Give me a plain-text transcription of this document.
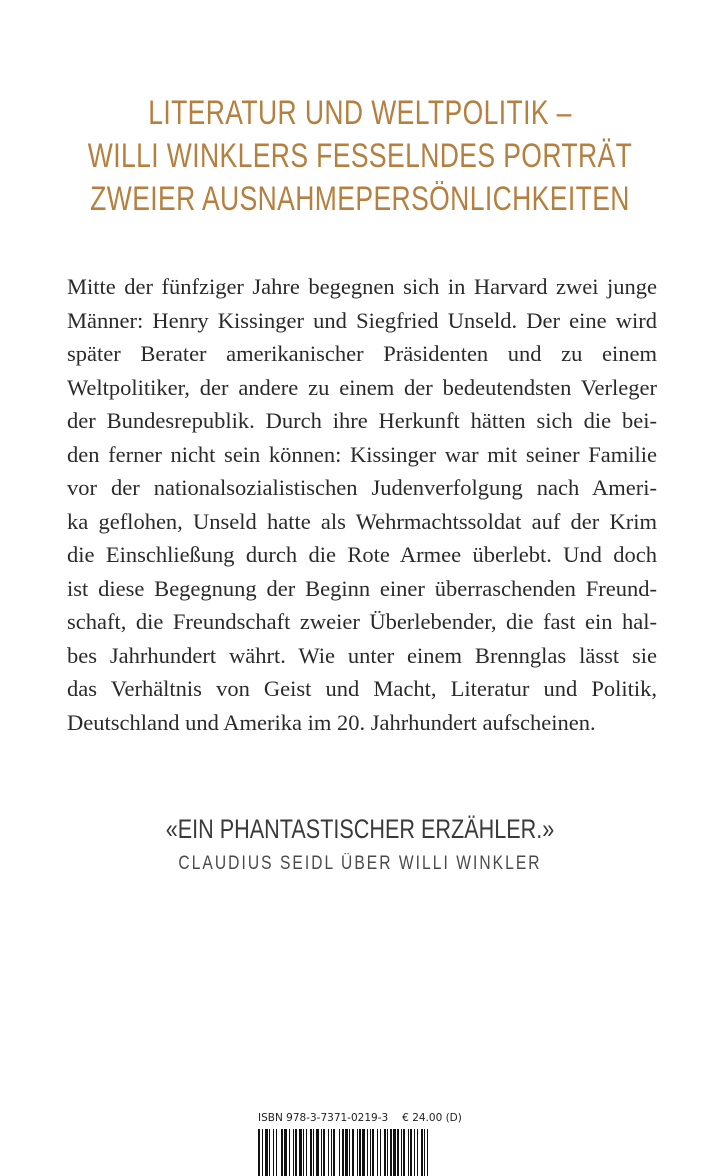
LITERATUR UND WELTPOLITIK –
WILLI WINKLERS FESSELNDES PORTRÄT
ZWEIER AUSNAHMEPERSÖNLICHKEITEN
Mitte der fünfziger Jahre begegnen sich in Harvard zwei junge
Männer: Henry Kissinger und Siegfried Unseld. Der eine wird
später Berater amerikanischer Präsidenten und zu einem
Weltpolitiker, der andere zu einem der bedeutendsten Verleger
der Bundesrepublik. Durch ihre Herkunft hätten sich die bei-
den ferner nicht sein können: Kissinger war mit seiner Familie
vor der nationalsozialistischen Judenverfolgung nach Ameri-
ka geflohen, Unseld hatte als Wehrmachtssoldat auf der Krim
die Einschließung durch die Rote Armee überlebt. Und doch
ist diese Begegnung der Beginn einer überraschenden Freund-
schaft, die Freundschaft zweier Überlebender, die fast ein hal-
bes Jahrhundert währt. Wie unter einem Brennglas lässt sie
das Verhältnis von Geist und Macht, Literatur und Politik,
Deutschland und Amerika im 20. Jahrhundert aufscheinen.
«EIN PHANTASTISCHER ERZÄHLER.»
CLAUDIUS SEIDL ÜBER WILLI WINKLER
ISBN 978-3-7371-0219-3 € 24.00 (D)
